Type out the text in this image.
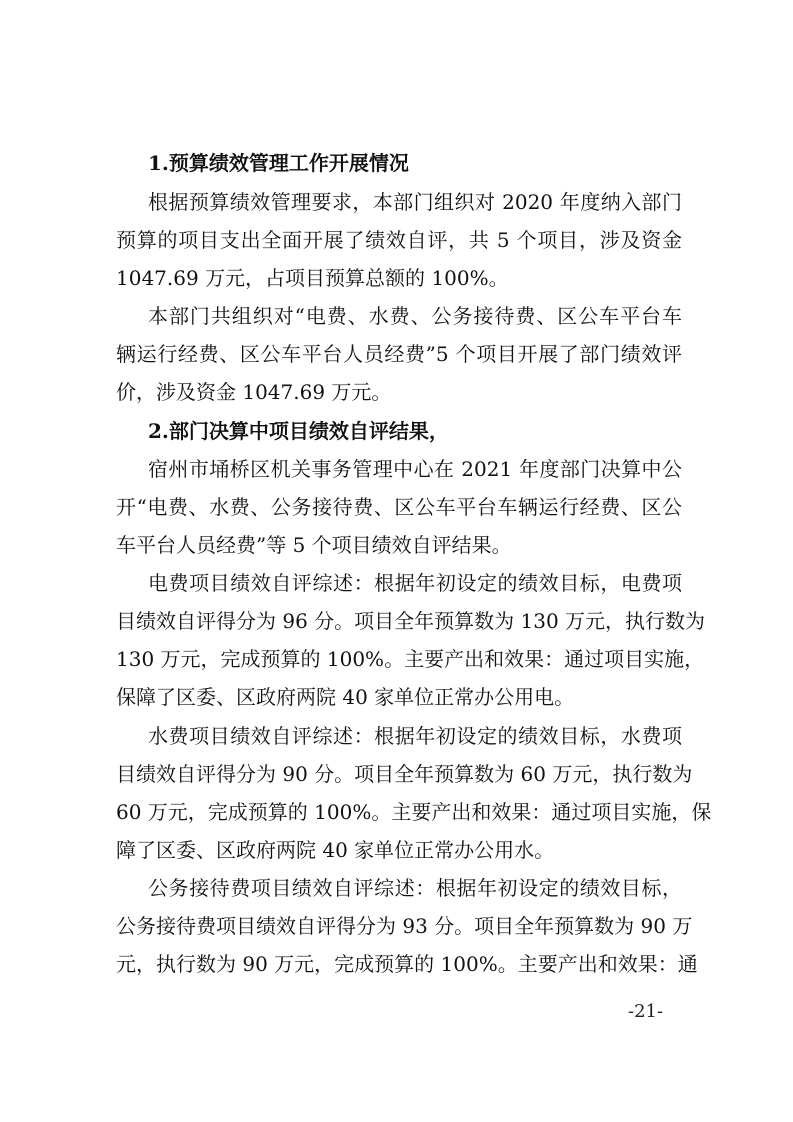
1.预算绩效管理工作开展情况

根据预算绩效管理要求，本部门组织对 2020 年度纳入部门

预算的项目支出全面开展了绩效自评，共 5 个项目，涉及资金

1047.69 万元，占项目预算总额的 100%。

本部门共组织对“电费、水费、公务接待费、区公车平台车

辆运行经费、区公车平台人员经费”5 个项目开展了部门绩效评

价，涉及资金 1047.69 万元。

2.部门决算中项目绩效自评结果，

宿州市埇桥区机关事务管理中心在 2021 年度部门决算中公

开“电费、水费、公务接待费、区公车平台车辆运行经费、区公

车平台人员经费”等 5 个项目绩效自评结果。

电费项目绩效自评综述：根据年初设定的绩效目标，电费项

目绩效自评得分为 96 分。项目全年预算数为 130 万元，执行数为

130 万元，完成预算的 100%。主要产出和效果：通过项目实施，

保障了区委、区政府两院 40 家单位正常办公用电。

水费项目绩效自评综述：根据年初设定的绩效目标，水费项

目绩效自评得分为 90 分。项目全年预算数为 60 万元，执行数为

60 万元，完成预算的 100%。主要产出和效果：通过项目实施，保

障了区委、区政府两院 40 家单位正常办公用水。

公务接待费项目绩效自评综述：根据年初设定的绩效目标，

公务接待费项目绩效自评得分为 93 分。项目全年预算数为 90 万

元，执行数为 90 万元，完成预算的 100%。主要产出和效果：通

-21-
